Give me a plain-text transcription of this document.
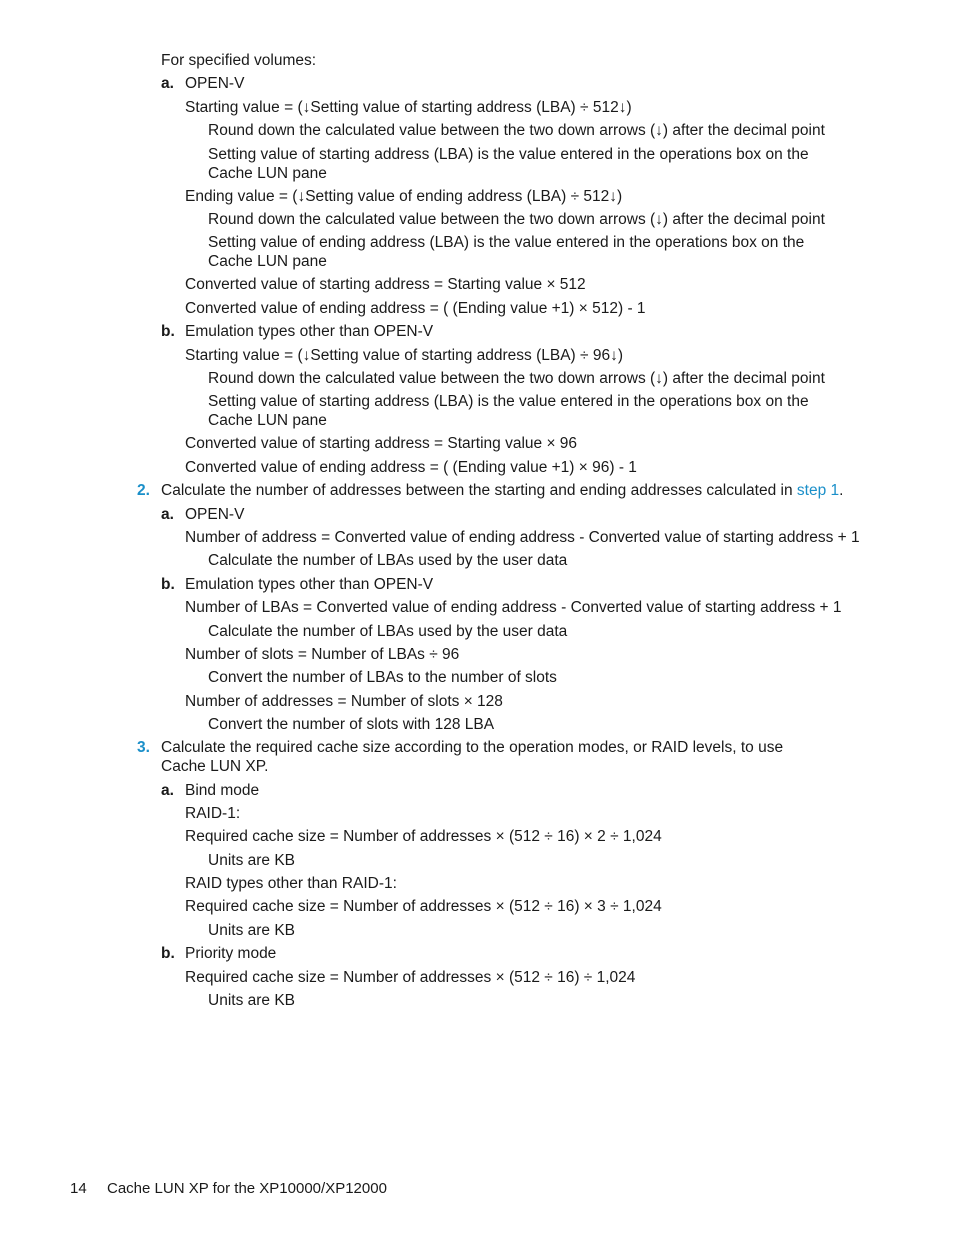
For specified volumes:
a. OPEN-V
Starting value = (↓Setting value of starting address (LBA) ÷ 512↓)
Round down the calculated value between the two down arrows (↓) after the decimal point
Setting value of starting address (LBA) is the value entered in the operations box on the Cache LUN pane
Ending value = (↓Setting value of ending address (LBA) ÷ 512↓)
Round down the calculated value between the two down arrows (↓) after the decimal point
Setting value of ending address (LBA) is the value entered in the operations box on the Cache LUN pane
Converted value of starting address = Starting value × 512
Converted value of ending address = ( (Ending value +1) × 512) - 1
b. Emulation types other than OPEN-V
Starting value = (↓Setting value of starting address (LBA) ÷ 96↓)
Round down the calculated value between the two down arrows (↓) after the decimal point
Setting value of starting address (LBA) is the value entered in the operations box on the Cache LUN pane
Converted value of starting address = Starting value × 96
Converted value of ending address = ( (Ending value +1) × 96) - 1
2. Calculate the number of addresses between the starting and ending addresses calculated in step 1.
a. OPEN-V
Number of address = Converted value of ending address - Converted value of starting address + 1
Calculate the number of LBAs used by the user data
b. Emulation types other than OPEN-V
Number of LBAs = Converted value of ending address - Converted value of starting address + 1
Calculate the number of LBAs used by the user data
Number of slots = Number of LBAs ÷ 96
Convert the number of LBAs to the number of slots
Number of addresses = Number of slots × 128
Convert the number of slots with 128 LBA
3. Calculate the required cache size according to the operation modes, or RAID levels, to use Cache LUN XP.
a. Bind mode
RAID-1:
Required cache size = Number of addresses × (512 ÷ 16) × 2 ÷ 1,024
Units are KB
RAID types other than RAID-1:
Required cache size = Number of addresses × (512 ÷ 16) × 3 ÷ 1,024
Units are KB
b. Priority mode
Required cache size = Number of addresses × (512 ÷ 16) ÷ 1,024
Units are KB
14 Cache LUN XP for the XP10000/XP12000
